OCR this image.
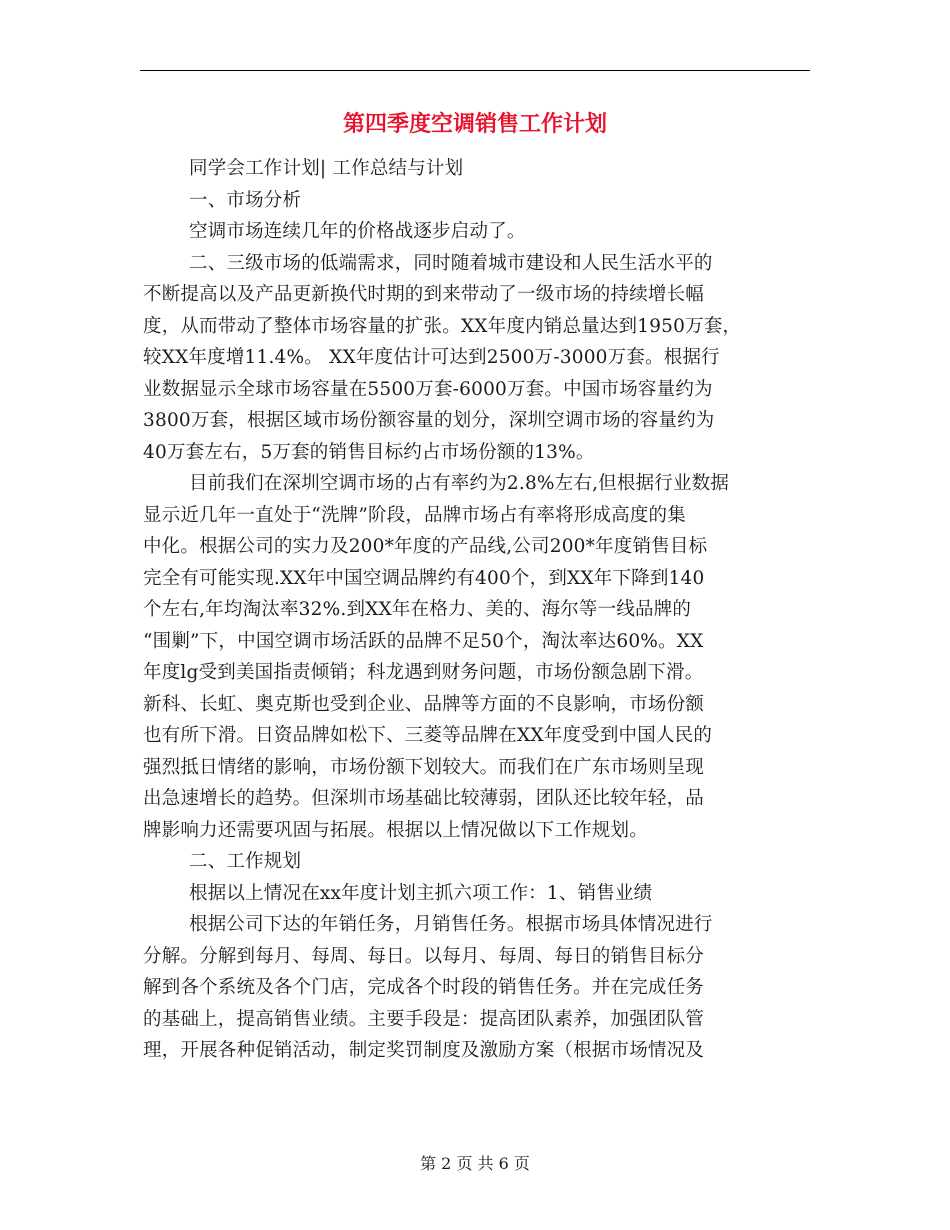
第四季度空调销售工作计划
同学会工作计划| 工作总结与计划
一、市场分析
空调市场连续几年的价格战逐步启动了。
二、三级市场的低端需求，同时随着城市建设和人民生活水平的
不断提高以及产品更新换代时期的到来带动了一级市场的持续增长幅
度，从而带动了整体市场容量的扩张。XX年度内销总量达到1950万套，
较XX年度增11.4%。 XX年度估计可达到2500万-3000万套。根据行
业数据显示全球市场容量在5500万套-6000万套。中国市场容量约为
3800万套，根据区域市场份额容量的划分，深圳空调市场的容量约为
40万套左右，5万套的销售目标约占市场份额的13%。
目前我们在深圳空调市场的占有率约为2.8%左右,但根据行业数据
显示近几年一直处于“洗牌”阶段，品牌市场占有率将形成高度的集
中化。根据公司的实力及200*年度的产品线,公司200*年度销售目标
完全有可能实现.XX年中国空调品牌约有400个，到XX年下降到140
个左右,年均淘汰率32%.到XX年在格力、美的、海尔等一线品牌的
“围剿”下，中国空调市场活跃的品牌不足50个，淘汰率达60%。XX
年度lg受到美国指责倾销；科龙遇到财务问题，市场份额急剧下滑。
新科、长虹、奥克斯也受到企业、品牌等方面的不良影响，市场份额
也有所下滑。日资品牌如松下、三菱等品牌在XX年度受到中国人民的
强烈抵日情绪的影响，市场份额下划较大。而我们在广东市场则呈现
出急速增长的趋势。但深圳市场基础比较薄弱，团队还比较年轻，品
牌影响力还需要巩固与拓展。根据以上情况做以下工作规划。
二、工作规划
根据以上情况在xx年度计划主抓六项工作：1、销售业绩
根据公司下达的年销任务，月销售任务。根据市场具体情况进行
分解。分解到每月、每周、每日。以每月、每周、每日的销售目标分
解到各个系统及各个门店，完成各个时段的销售任务。并在完成任务
的基础上，提高销售业绩。主要手段是：提高团队素养，加强团队管
理，开展各种促销活动，制定奖罚制度及激励方案（根据市场情况及
第 2 页 共 6 页
